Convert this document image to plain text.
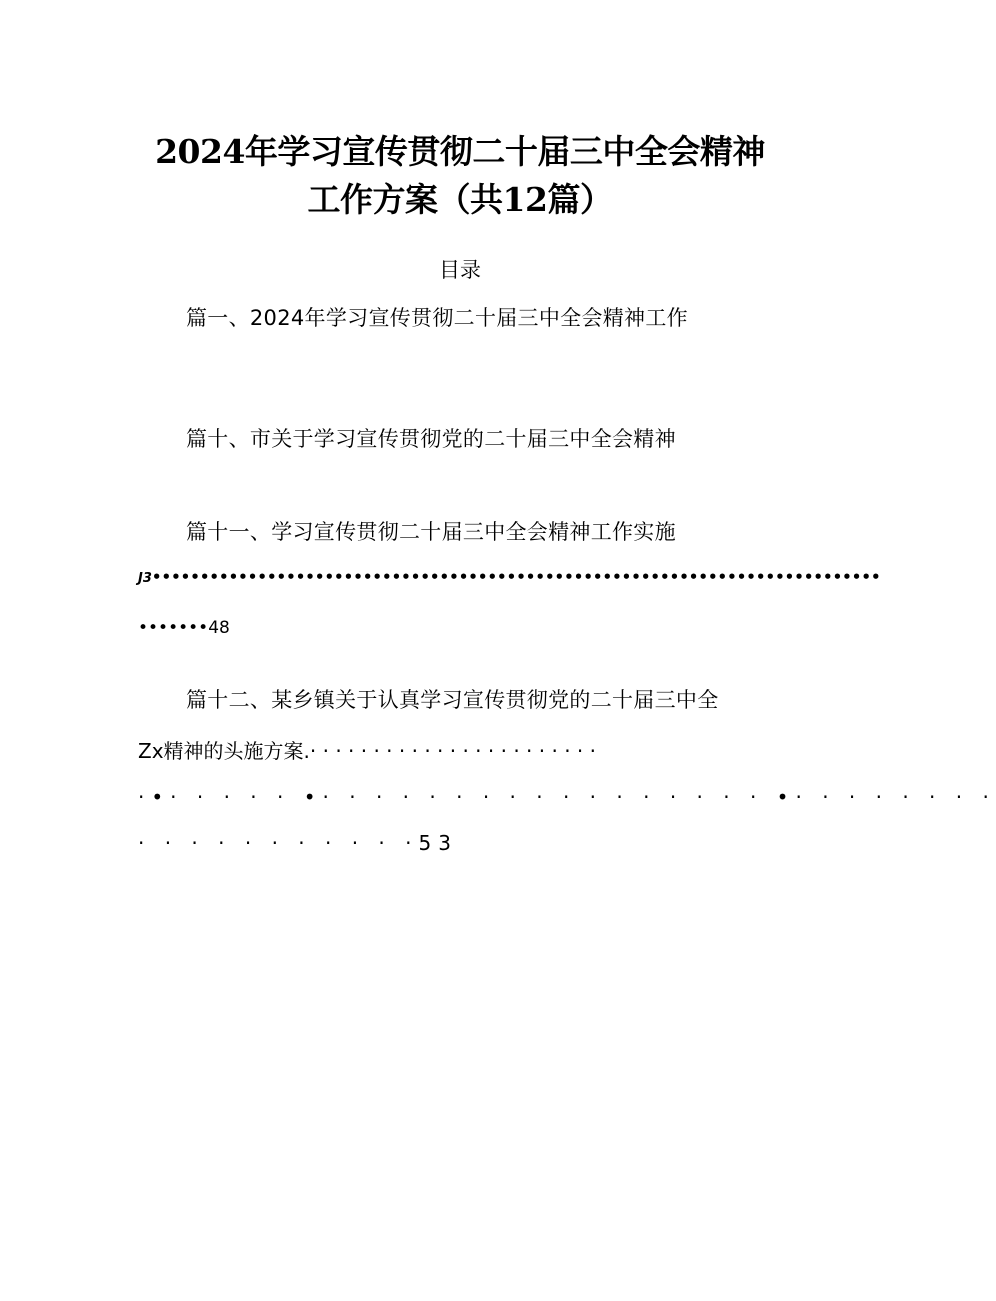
2024年学习宣传贯彻二十届三中全会精神
工作方案（共12篇）
目录
篇一、2024年学习宣传贯彻二十届三中全会精神工作
篇十、市关于学习宣传贯彻党的二十届三中全会精神
篇十一、学习宣传贯彻二十届三中全会精神工作实施
J3••••••••••••••••••••••••••••••••••••••••••••••••••••••••••••••••••••••••••••
•••••••48
篇十二、某乡镇关于认真学习宣传贯彻党的二十届三中全
Zx精神的头施方案.· · · · · · · · · · · · · · · · · · · · · · ·
·•· · · · · •· · · · · · · · · · · · · · · · · •· · · · · · · ·
· · · · · · · · · · ·53
